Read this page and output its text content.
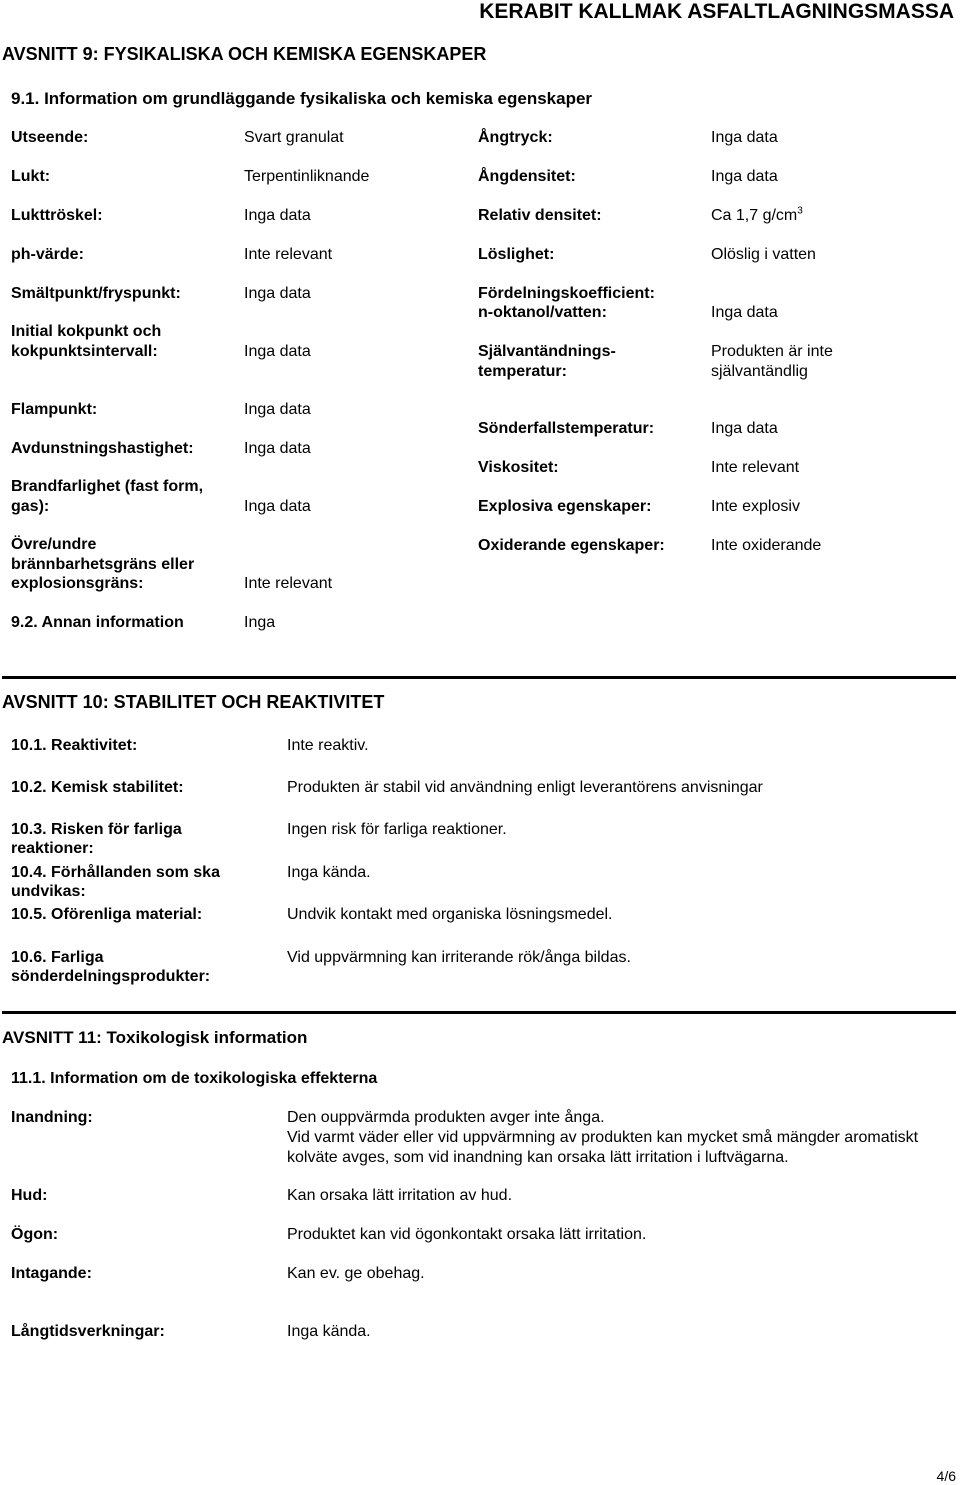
KERABIT KALLMAK ASFALTLAGNINGSMASSA
AVSNITT 9: FYSIKALISKA OCH KEMISKA EGENSKAPER
9.1. Information om grundläggande fysikaliska och kemiska egenskaper
Utseende:	Svart granulat
Lukt:	Terpentinliknande
Lukttröskel:	Inga data
ph-värde:	Inte relevant
Smältpunkt/fryspunkt:	Inga data
Initial kokpunkt och
kokpunktsintervall:	Inga data
Flampunkt:	Inga data
Avdunstningshastighet:	Inga data
Brandfarlighet (fast form,
gas):	Inga data
Övre/undre
brännbarhetsgräns eller
explosionsgräns:	Inte relevant
Ångtryck:	Inga data
Ångdensitet:	Inga data
Relativ densitet:	Ca 1,7 $g/cm^3$
Löslighet:	Olöslig i vatten
Fördelningskoefficient:
n-oktanol/vatten:	Inga data
Självantändnings-
temperatur:
Produkten är inte
självantändlig
Sönderfallstemperatur:	Inga data
Viskositet:	Inte relevant
Explosiva egenskaper:	Inte explosiv
Oxiderande egenskaper:	Inte oxiderande
9.2. Annan information	Inga
AVSNITT 10: STABILITET OCH REAKTIVITET
10.1. Reaktivitet:	Inte reaktiv.
10.2. Kemisk stabilitet:	Produkten är stabil vid användning enligt leverantörens anvisningar
10.3. Risken för farliga
reaktioner:
Ingen risk för farliga reaktioner.
10.4. Förhållanden som ska
undvikas:
Inga kända.
10.5. Oförenliga material:	Undvik kontakt med organiska lösningsmedel.
10.6. Farliga
sönderdelningsprodukter:
Vid uppvärmning kan irriterande rök/ånga bildas.
AVSNITT 11: Toxikologisk information
11.1. Information om de toxikologiska effekterna
Inandning:	Den ouppvärmda produkten avger inte ånga.
Vid varmt väder eller vid uppvärmning av produkten kan mycket små mängder aromatiskt
kolväte avges, som vid inandning kan orsaka lätt irritation i luftvägarna.
Hud:	Kan orsaka lätt irritation av hud.
Ögon:	Produktet kan vid ögonkontakt orsaka lätt irritation.
Intagande:	Kan ev. ge obehag.
Långtidsverkningar:	Inga kända.
4/6
